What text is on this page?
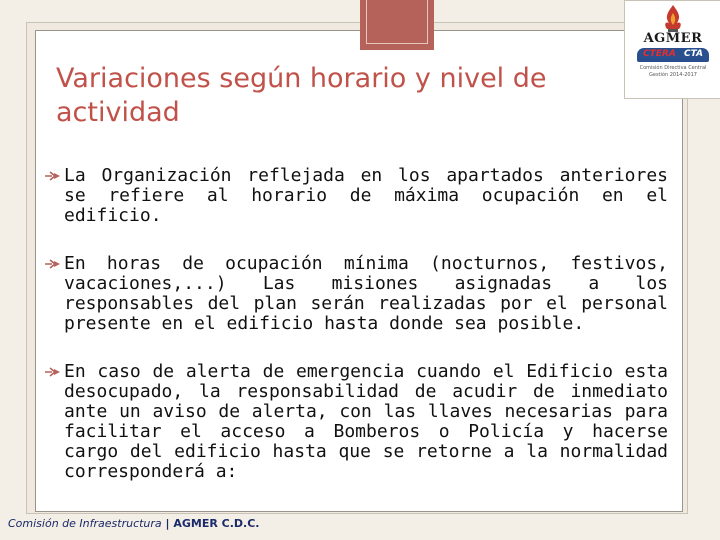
AGMER
CTERA CTA
Comisión Directiva Central
Gestión 2014-2017
Variaciones según horario y nivel de actividad

La Organización reflejada en los apartados anteriores se refiere al horario de máxima ocupación en el edificio.

En horas de ocupación mínima (nocturnos, festivos, vacaciones,...) Las misiones asignadas a los responsables del plan serán realizadas por el personal presente en el edificio hasta donde sea posible.

En caso de alerta de emergencia cuando el Edificio esta desocupado, la responsabilidad de acudir de inmediato ante un aviso de alerta, con las llaves necesarias para facilitar el acceso a Bomberos o Policía y hacerse cargo del edificio hasta que se retorne a la normalidad corresponderá a:

Comisión de Infraestructura | AGMER C.D.C.
